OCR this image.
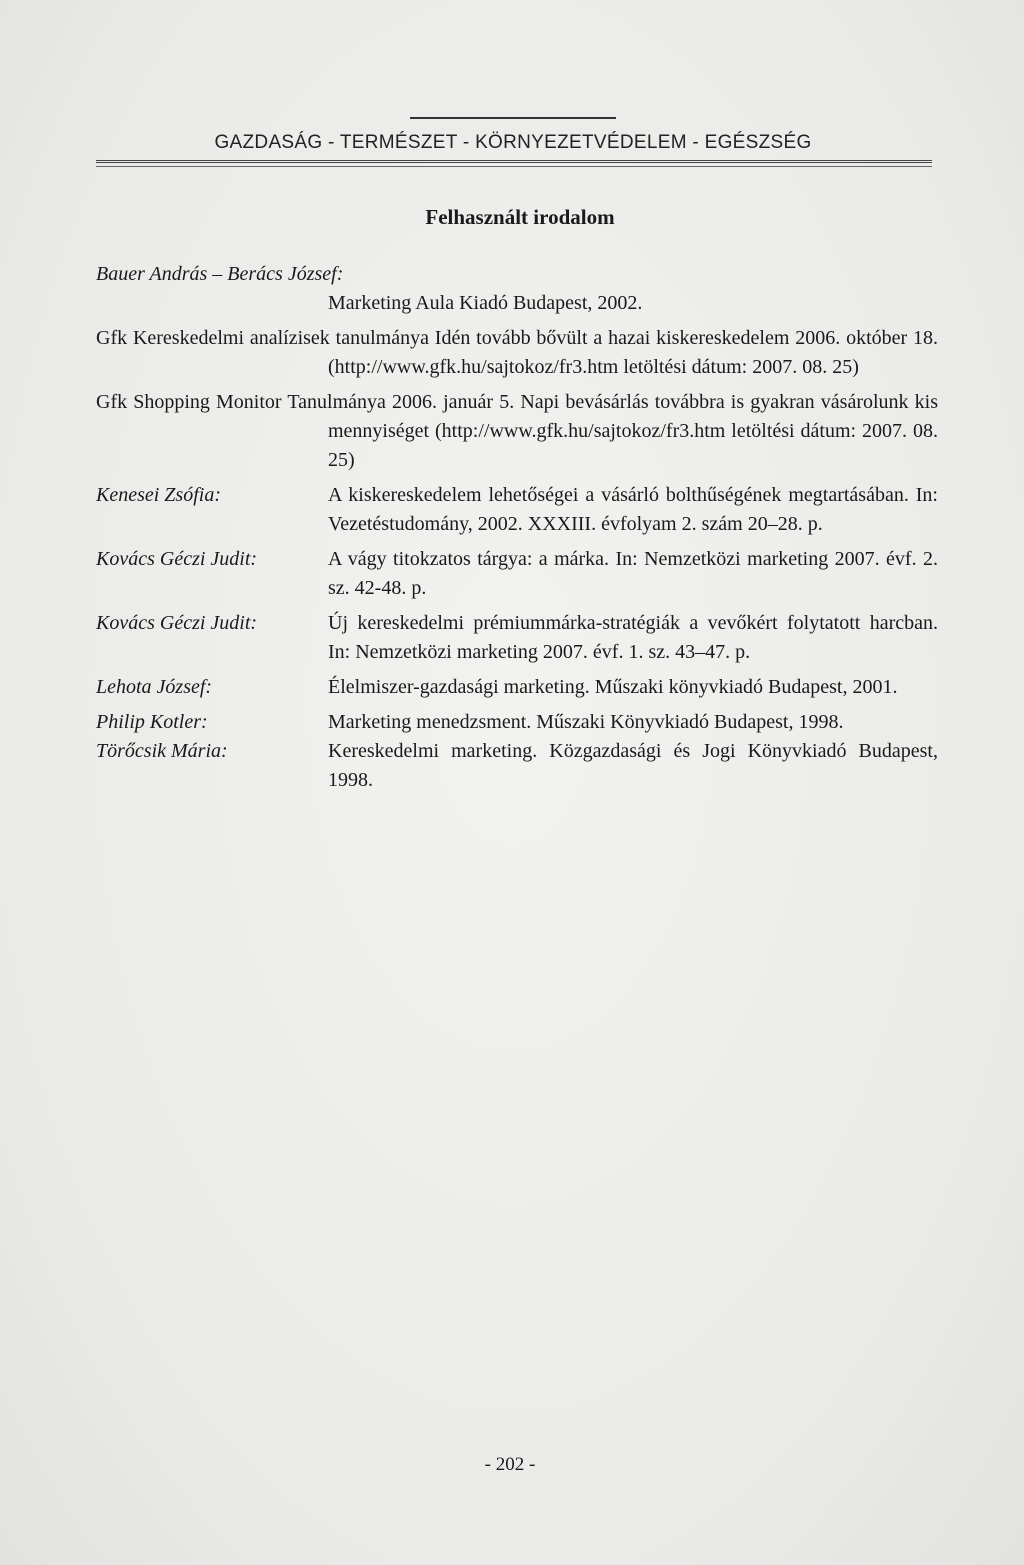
GAZDASÁG - TERMÉSZET - KÖRNYEZETVÉDELEM - EGÉSZSÉG
Felhasznált irodalom
Bauer András – Berács József:
Marketing Aula Kiadó Budapest, 2002.
Gfk Kereskedelmi analízisek tanulmánya Idén tovább bővült a hazai kiskereskedelem 2006. október 18. (http://www.gfk.hu/sajtokoz/fr3.htm letöltési dátum: 2007. 08. 25)
Gfk Shopping Monitor Tanulmánya 2006. január 5. Napi bevásárlás továbbra is gyakran vásárolunk kis mennyiséget (http://www.gfk.hu/sajtokoz/fr3.htm letöltési dátum: 2007. 08. 25)
Kenesei Zsófia:	A kiskereskedelem lehetőségei a vásárló bolthűségének megtartásában. In: Vezetéstudomány, 2002. XXXIII. évfolyam 2. szám 20–28. p.
Kovács Géczi Judit:	A vágy titokzatos tárgya: a márka. In: Nemzetközi marketing 2007. évf. 2. sz. 42-48. p.
Kovács Géczi Judit:	Új kereskedelmi prémiummárka-stratégiák a vevőkért folytatott harcban. In: Nemzetközi marketing 2007. évf. 1. sz. 43–47. p.
Lehota József:	Élelmiszer-gazdasági marketing. Műszaki könyvkiadó Budapest, 2001.
Philip Kotler:	Marketing menedzsment. Műszaki Könyvkiadó Budapest, 1998.
Törőcsik Mária:	Kereskedelmi marketing. Közgazdasági és Jogi Könyvkiadó Budapest, 1998.
- 202 -
